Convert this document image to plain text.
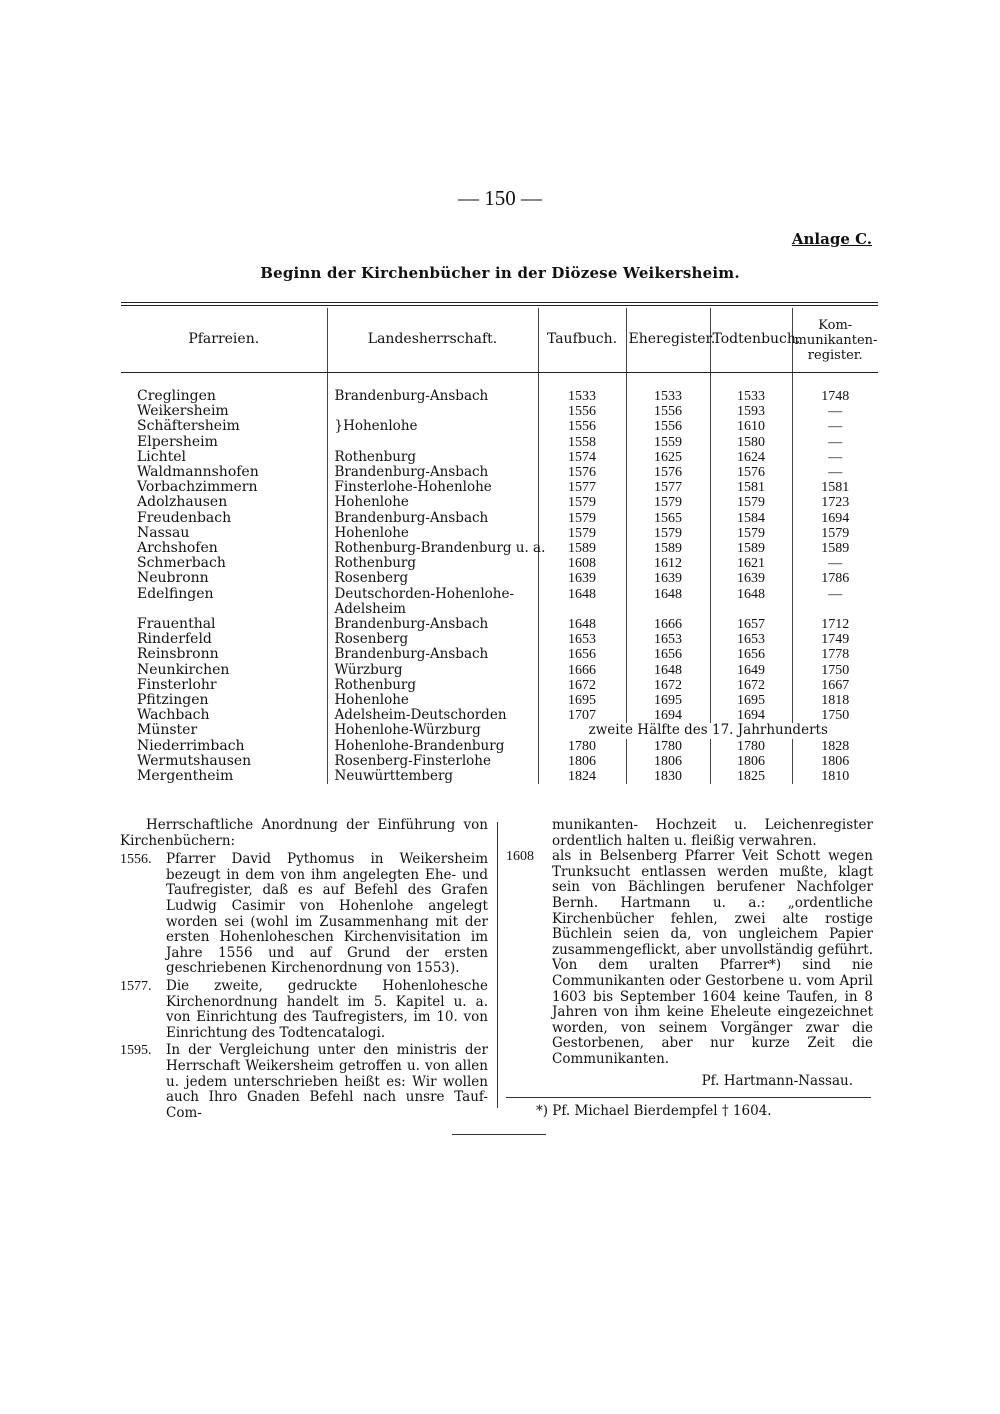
— 150 —
Anlage C.
Beginn der Kirchenbücher in der Diözese Weikersheim.
Pfarreien.	Landesherrschaft.	Taufbuch.	Eheregister.	Todtenbuch.	Kom-munikanten-register.
Creglingen	Brandenburg-Ansbach	1533	1533	1533	1748
Weikersheim		1556	1556	1593	—
Schäftersheim	}Hohenlohe	1556	1556	1610	—
Elpersheim		1558	1559	1580	—
Lichtel	Rothenburg	1574	1625	1624	—
Waldmannshofen	Brandenburg-Ansbach	1576	1576	1576	—
Vorbachzimmern	Finsterlohe-Hohenlohe	1577	1577	1581	1581
Adolzhausen	Hohenlohe	1579	1579	1579	1723
Freudenbach	Brandenburg-Ansbach	1579	1565	1584	1694
Nassau	Hohenlohe	1579	1579	1579	1579
Archshofen	Rothenburg-Brandenburg u. a.	1589	1589	1589	1589
Schmerbach	Rothenburg	1608	1612	1621	—
Neubronn	Rosenberg	1639	1639	1639	1786
Edelfingen	Deutschorden-Hohenlohe-Adelsheim	1648	1648	1648	—
Frauenthal	Brandenburg-Ansbach	1648	1666	1657	1712
Rinderfeld	Rosenberg	1653	1653	1653	1749
Reinsbronn	Brandenburg-Ansbach	1656	1656	1656	1778
Neunkirchen	Würzburg	1666	1648	1649	1750
Finsterlohr	Rothenburg	1672	1672	1672	1667
Pfitzingen	Hohenlohe	1695	1695	1695	1818
Wachbach	Adelsheim-Deutschorden	1707	1694	1694	1750
Münster	Hohenlohe-Würzburg	zweite Hälfte des 17. Jahrhunderts			
Niederrimbach	Hohenlohe-Brandenburg	1780	1780	1780	1828
Wermutshausen	Rosenberg-Finsterlohe	1806	1806	1806	1806
Mergentheim	Neuwürttemberg	1824	1830	1825	1810
Herrschaftliche Anordnung der Einführung von Kirchenbüchern:
1556.	Pfarrer David Pythomus in Weikersheim bezeugt in dem von ihm angelegten Ehe- und Taufregister, daß es auf Befehl des Grafen Ludwig Casimir von Hohenlohe angelegt worden sei (wohl im Zusammenhang mit der ersten Hohenloheschen Kirchenvisitation im Jahre 1556 und auf Grund der ersten geschriebenen Kirchenordnung von 1553).
1577.	Die zweite, gedruckte Hohenlohesche Kirchenordnung handelt im 5. Kapitel u. a. von Einrichtung des Taufregisters, im 10. von Einrichtung des Todtencatalogi.
1595.	In der Vergleichung unter den ministris der Herrschaft Weikersheim getroffen u. von allen u. jedem unterschrieben heißt es: Wir wollen auch Ihro Gnaden Befehl nach unsre Tauf- Com-
munikanten- Hochzeit u. Leichenregister ordentlich halten u. fleißig verwahren.
1608	als in Belsenberg Pfarrer Veit Schott wegen Trunksucht entlassen werden mußte, klagt sein von Bächlingen berufener Nachfolger Bernh. Hartmann u. a.: „ordentliche Kirchenbücher fehlen, zwei alte rostige Büchlein seien da, von ungleichem Papier zusammengeflickt, aber unvollständig geführt. Von dem uralten Pfarrer*) sind nie Communikanten oder Gestorbene u. vom April 1603 bis September 1604 keine Taufen, in 8 Jahren von ihm keine Eheleute eingezeichnet worden, von seinem Vorgänger zwar die Gestorbenen, aber nur kurze Zeit die Communikanten.
Pf. Hartmann-Nassau.
*) Pf. Michael Bierdempfel † 1604.
